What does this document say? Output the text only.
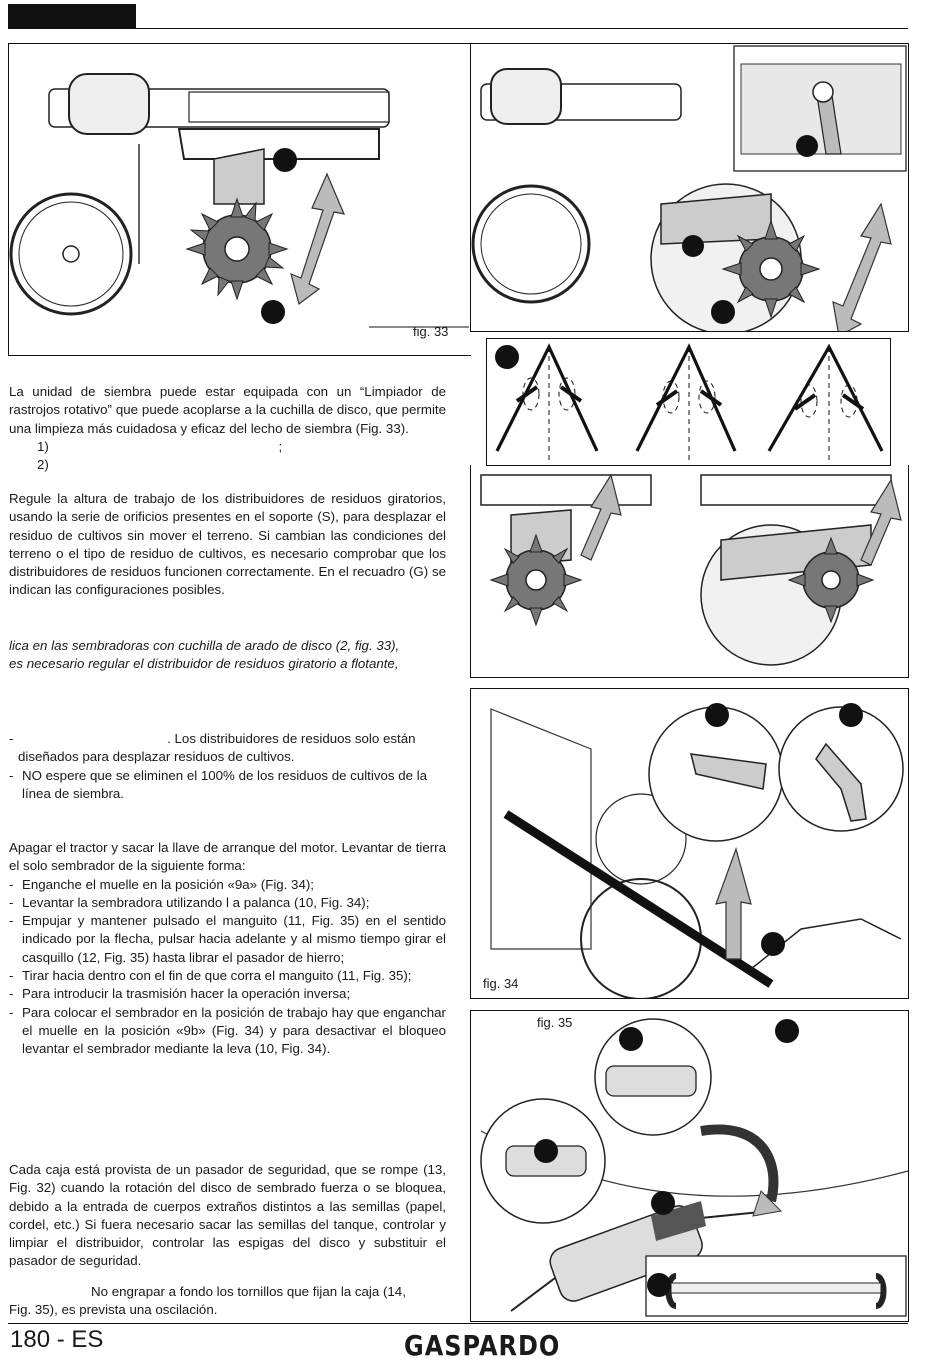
fig. 33
fig. 34
fig. 35

La unidad de siembra puede estar equipada con un “Limpiador de rastrojos rotativo” que puede acoplarse a la cuchilla de disco, que permite una limpieza más cuidadosa y eficaz del lecho de siembra (Fig. 33).

1)	;
2)

Regule la altura de trabajo de los distribuidores de residuos giratorios, usando la serie de orificios presentes en el soporte (S), para desplazar el residuo de cultivos sin mover el terreno. Si cambian las condiciones del terreno o el tipo de residuo de cultivos, es necesario comprobar que los distribuidores de residuos funcionen correctamente. En el recuadro (G) se indican las configuraciones posibles.

lica en las sembradoras con cuchilla de arado de disco (2, fig. 33),
es necesario regular el distribuidor de residuos giratorio a flotante,
-	. Los distribuidores de residuos solo están
diseñados para desplazar residuos de cultivos.
- NO espere que se eliminen el 100% de los residuos de cultivos de la línea de siembra.

Apagar el tractor y sacar la llave de arranque del motor. Levantar de tierra el solo sembrador de la siguiente forma:

- Enganche el muelle en la posición «9a» (Fig. 34);
- Levantar la sembradora utilizando l a palanca (10, Fig. 34);
- Empujar y mantener pulsado el manguito (11, Fig. 35) en el sentido indicado por la flecha, pulsar hacia adelante y al mismo tiempo girar el casquillo (12, Fig. 35) hasta librar el pasador de hierro;
- Tirar hacia dentro con el fin de que corra el manguito (11, Fig. 35);
- Para introducir la trasmisión hacer la operación inversa;
- Para colocar el sembrador en la posición de trabajo hay que enganchar el muelle en la posición «9b» (Fig. 34) y para desactivar el bloqueo levantar el sembrador mediante la leva (10, Fig. 34).

Cada caja está provista de un pasador de seguridad, que se rompe (13, Fig. 32) cuando la rotación del disco de sembrado fuerza o se bloquea, debido a la entrada de cuerpos extraños distintos a las semillas (papel, cordel, etc.) Si fuera necesario sacar las semillas del tanque, controlar y limpiar el distribuidor, controlar las espigas del disco y substituir el pasador de seguridad.

No engrapar a fondo los tornillos que fijan la caja (14,
Fig. 35), es prevista una oscilación.
180 - ES	GASPARDO
